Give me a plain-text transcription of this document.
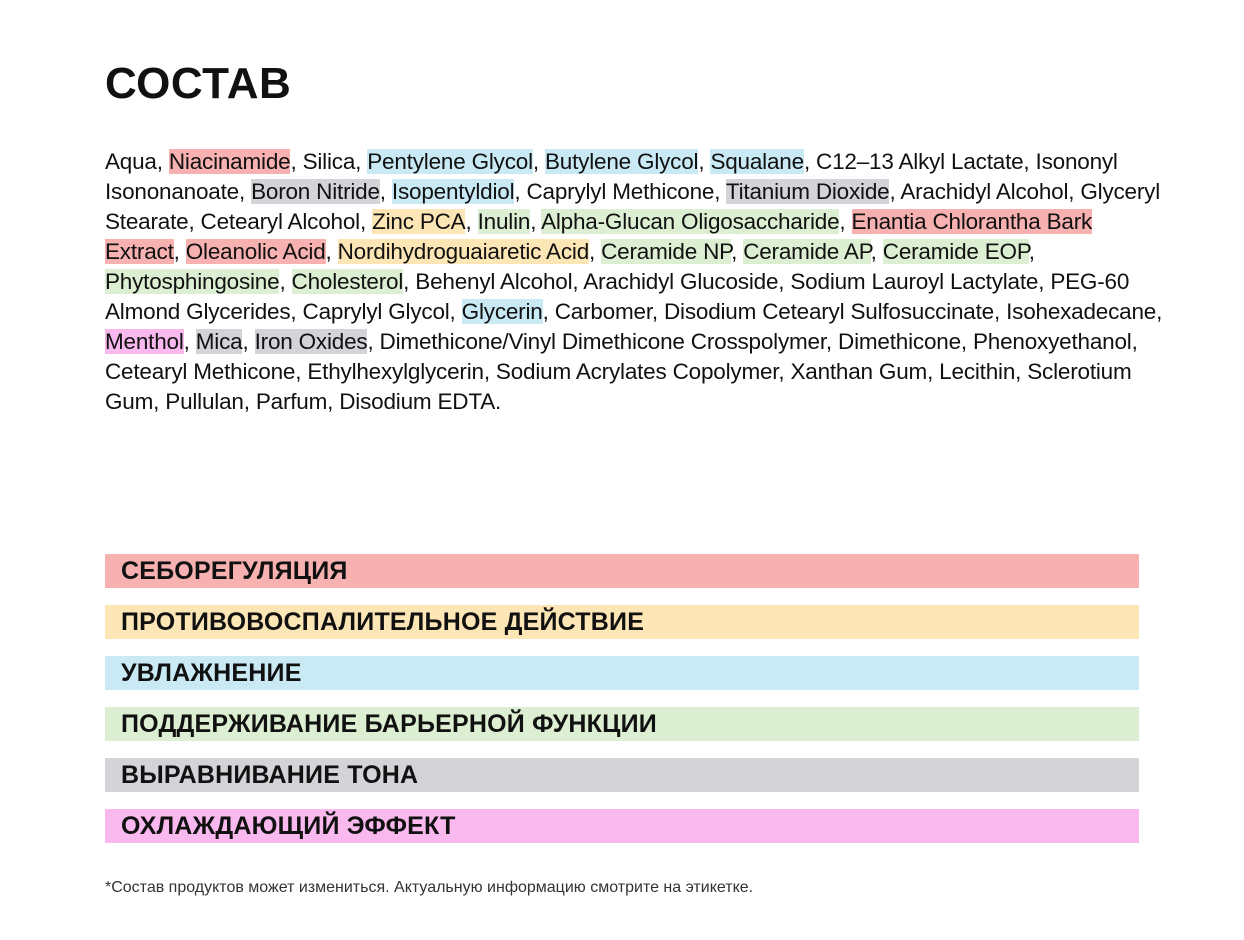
СОСТАВ

Aqua, Niacinamide, Silica, Pentylene Glycol, Butylene Glycol, Squalane, C12–13 Alkyl Lactate, Isononyl Isononanoate, Boron Nitride, Isopentyldiol, Caprylyl Methicone, Titanium Dioxide, Arachidyl Alcohol, Glyceryl Stearate, Cetearyl Alcohol, Zinc PCA, Inulin, Alpha-Glucan Oligosaccharide, Enantia Chlorantha Bark Extract, Oleanolic Acid, Nordihydroguaiaretic Acid, Ceramide NP, Ceramide AP, Ceramide EOP, Phytosphingosine, Cholesterol, Behenyl Alcohol, Arachidyl Glucoside, Sodium Lauroyl Lactylate, PEG-60 Almond Glycerides, Caprylyl Glycol, Glycerin, Carbomer, Disodium Cetearyl Sulfosuccinate, Isohexadecane, Menthol, Mica, Iron Oxides, Dimethicone/Vinyl Dimethicone Crosspolymer, Dimethicone, Phenoxyethanol, Cetearyl Methicone, Ethylhexylglycerin, Sodium Acrylates Copolymer, Xanthan Gum, Lecithin, Sclerotium Gum, Pullulan, Parfum, Disodium EDTA.

СЕБОРЕГУЛЯЦИЯ
ПРОТИВОВОСПАЛИТЕЛЬНОЕ ДЕЙСТВИЕ
УВЛАЖНЕНИЕ
ПОДДЕРЖИВАНИЕ БАРЬЕРНОЙ ФУНКЦИИ
ВЫРАВНИВАНИЕ ТОНА
ОХЛАЖДАЮЩИЙ ЭФФЕКТ

*Состав продуктов может измениться. Актуальную информацию смотрите на этикетке.
